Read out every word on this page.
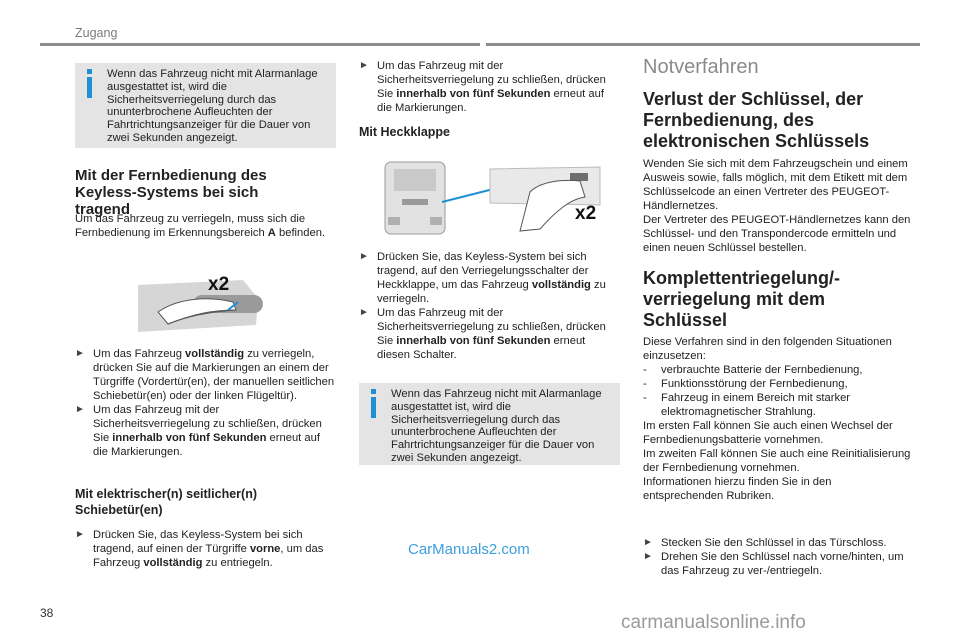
Zugang
Wenn das Fahrzeug nicht mit Alarmanlage ausgestattet ist, wird die Sicherheitsverriegelung durch das ununterbrochene Aufleuchten der Fahrtrichtungsanzeiger für die Dauer von zwei Sekunden angezeigt.
Mit der Fernbedienung des Keyless-Systems bei sich tragend

Um das Fahrzeug zu verriegeln, muss sich die Fernbedienung im Erkennungsbereich A befinden.

x2

► Um das Fahrzeug vollständig zu verriegeln, drücken Sie auf die Markierungen an einem der Türgriffe (Vordertür(en), der manuellen seitlichen Schiebetür(en) oder der linken Flügeltür).

► Um das Fahrzeug mit der Sicherheitsverriegelung zu schließen, drücken Sie innerhalb von fünf Sekunden erneut auf die Markierungen.

Mit elektrischer(n) seitlicher(n) Schiebetür(en)

► Drücken Sie, das Keyless-System bei sich tragend, auf einen der Türgriffe vorne, um das Fahrzeug vollständig zu entriegeln.

► Um das Fahrzeug mit der Sicherheitsverriegelung zu schließen, drücken Sie innerhalb von fünf Sekunden erneut auf die Markierungen.

Mit Heckklappe
x2

► Drücken Sie, das Keyless-System bei sich tragend, auf den Verriegelungsschalter der Heckklappe, um das Fahrzeug vollständig zu verriegeln.

► Um das Fahrzeug mit der Sicherheitsverriegelung zu schließen, drücken Sie innerhalb von fünf Sekunden erneut diesen Schalter.

Wenn das Fahrzeug nicht mit Alarmanlage ausgestattet ist, wird die Sicherheitsverriegelung durch das ununterbrochene Aufleuchten der Fahrtrichtungsanzeiger für die Dauer von zwei Sekunden angezeigt.
Notverfahren
Verlust der Schlüssel, der Fernbedienung, des elektronischen Schlüssels

Wenden Sie sich mit dem Fahrzeugschein und einem Ausweis sowie, falls möglich, mit dem Etikett mit dem Schlüsselcode an einen Vertreter des PEUGEOT-Händlernetzes.

Der Vertreter des PEUGEOT-Händlernetzes kann den Schlüssel- und den Transpondercode ermitteln und einen neuen Schlüssel bestellen.

Komplettentriegelung/-verriegelung mit dem Schlüssel

Diese Verfahren sind in den folgenden Situationen einzusetzen:

- verbrauchte Batterie der Fernbedienung,
- Funktionsstörung der Fernbedienung,
- Fahrzeug in einem Bereich mit starker elektromagnetischer Strahlung.

Im ersten Fall können Sie auch einen Wechsel der Fernbedienungsbatterie vornehmen.

Im zweiten Fall können Sie auch eine Reinitialisierung der Fernbedienung vornehmen.

Informationen hierzu finden Sie in den entsprechenden Rubriken.

► Stecken Sie den Schlüssel in das Türschloss.

► Drehen Sie den Schlüssel nach vorne/hinten, um das Fahrzeug zu ver-/entriegeln.

CarManuals2.com
38	carmanualsonline.info
